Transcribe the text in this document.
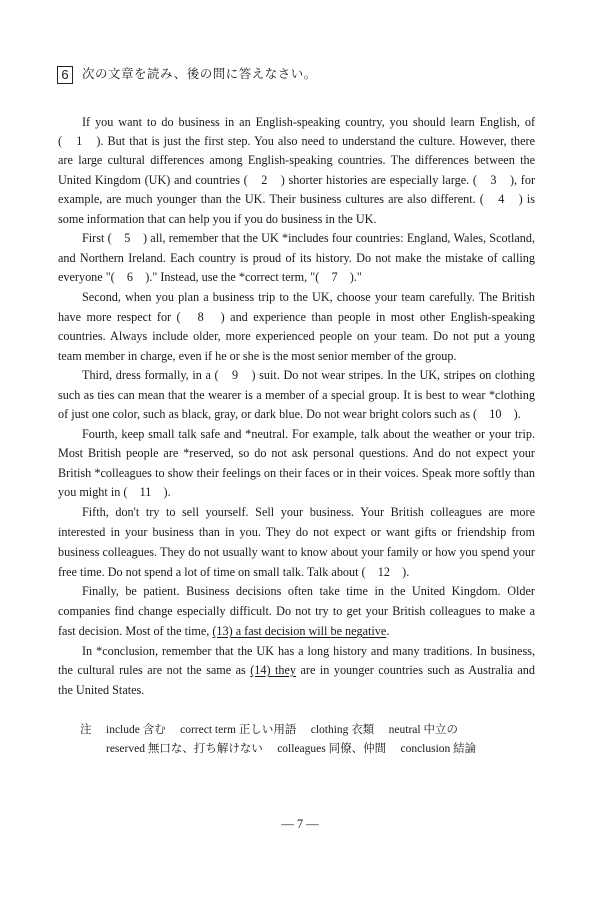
6	次の文章を読み、後の問に答えなさい。
If you want to do business in an English-speaking country, you should learn English, of
(　1　). But that is just the first step. You also need to understand the culture. However, there
are large cultural differences among English-speaking countries. The differences between the
United Kingdom (UK) and countries (　2　) shorter histories are especially large. (　3　), for
example, are much younger than the UK. Their business cultures are also different. (　4　) is
some information that can help you if you do business in the UK.
First (　5　) all, remember that the UK *includes four countries: England, Wales, Scotland,
and Northern Ireland. Each country is proud of its history. Do not make the mistake of calling
everyone "(　6　)." Instead, use the *correct term, "(　7　)."
Second, when you plan a business trip to the UK, choose your team carefully. The British
have more respect for (　8　) and experience than people in most other English-speaking
countries. Always include older, more experienced people on your team. Do not put a young
team member in charge, even if he or she is the most senior member of the group.
Third, dress formally, in a (　9　) suit. Do not wear stripes. In the UK, stripes on clothing
such as ties can mean that the wearer is a member of a special group. It is best to wear *clothing
of just one color, such as black, gray, or dark blue. Do not wear bright colors such as (　10　).
Fourth, keep small talk safe and *neutral. For example, talk about the weather or your trip.
Most British people are *reserved, so do not ask personal questions. And do not expect your
British *colleagues to show their feelings on their faces or in their voices. Speak more softly than
you might in (　11　).
Fifth, don't try to sell yourself. Sell your business. Your British colleagues are more
interested in your business than in you. They do not expect or want gifts or friendship from
business colleagues. They do not usually want to know about your family or how you spend your
free time. Do not spend a lot of time on small talk. Talk about (　12　).
Finally, be patient. Business decisions often take time in the United Kingdom. Older
companies find change especially difficult. Do not try to get your British colleagues to make a
fast decision. Most of the time, (13) a fast decision will be negative.
In *conclusion, remember that the UK has a long history and many traditions. In business,
the cultural rules are not the same as (14) they are in younger countries such as Australia and
the United States.
注 include 含む　 correct term 正しい用語　 clothing 衣類　 neutral 中立の
reserved 無口な、打ち解けない　 colleagues 同僚、仲間　 conclusion 結論
— 7 —
